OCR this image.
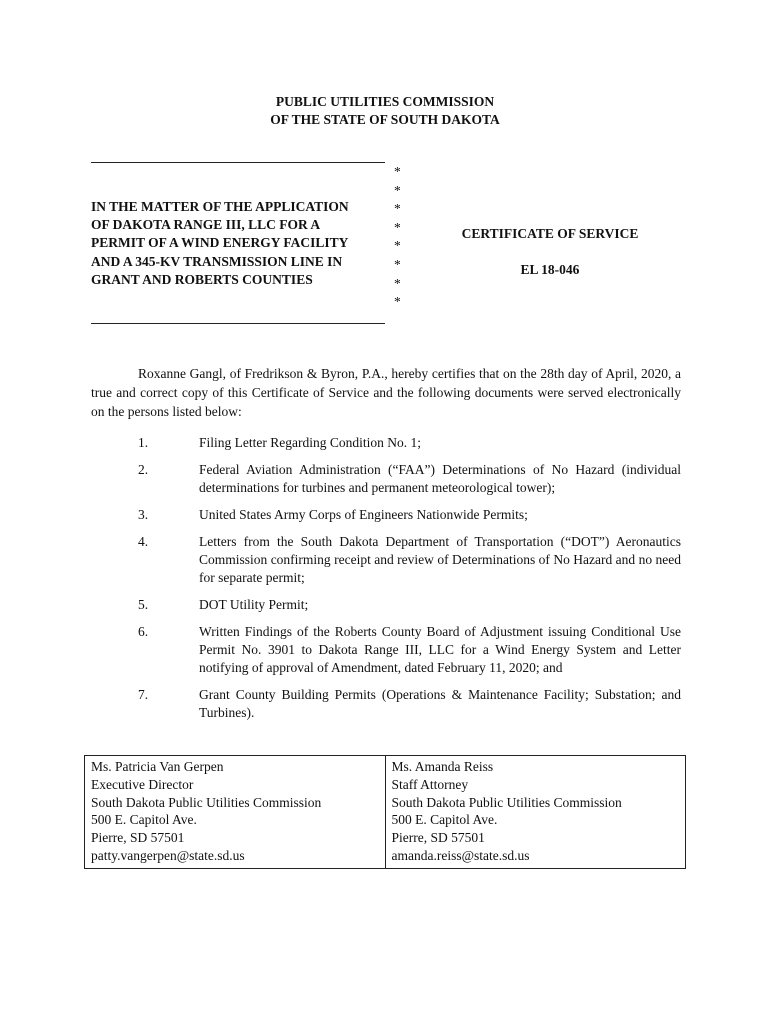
PUBLIC UTILITIES COMMISSION
OF THE STATE OF SOUTH DAKOTA
*
*
*
*
*
*
*
*
IN THE MATTER OF THE APPLICATION
OF DAKOTA RANGE III, LLC FOR A
PERMIT OF A WIND ENERGY FACILITY
AND A 345-KV TRANSMISSION LINE IN
GRANT AND ROBERTS COUNTIES
CERTIFICATE OF SERVICE
EL 18-046
Roxanne Gangl, of Fredrikson & Byron, P.A., hereby certifies that on the 28th day of April, 2020, a true and correct copy of this Certificate of Service and the following documents were served electronically on the persons listed below:
1.	Filing Letter Regarding Condition No. 1;
2.	Federal Aviation Administration (“FAA”) Determinations of No Hazard (individual determinations for turbines and permanent meteorological tower);
3.	United States Army Corps of Engineers Nationwide Permits;
4.	Letters from the South Dakota Department of Transportation (“DOT”) Aeronautics Commission confirming receipt and review of Determinations of No Hazard and no need for separate permit;
5.	DOT Utility Permit;
6.	Written Findings of the Roberts County Board of Adjustment issuing Conditional Use Permit No. 3901 to Dakota Range III, LLC for a Wind Energy System and Letter notifying of approval of Amendment, dated February 11, 2020; and
7.	Grant County Building Permits (Operations & Maintenance Facility; Substation; and Turbines).
Ms. Patricia Van Gerpen
Executive Director
South Dakota Public Utilities Commission
500 E. Capitol Ave.
Pierre, SD 57501
patty.vangerpen@state.sd.us

Ms. Amanda Reiss
Staff Attorney
South Dakota Public Utilities Commission
500 E. Capitol Ave.
Pierre, SD 57501
amanda.reiss@state.sd.us
